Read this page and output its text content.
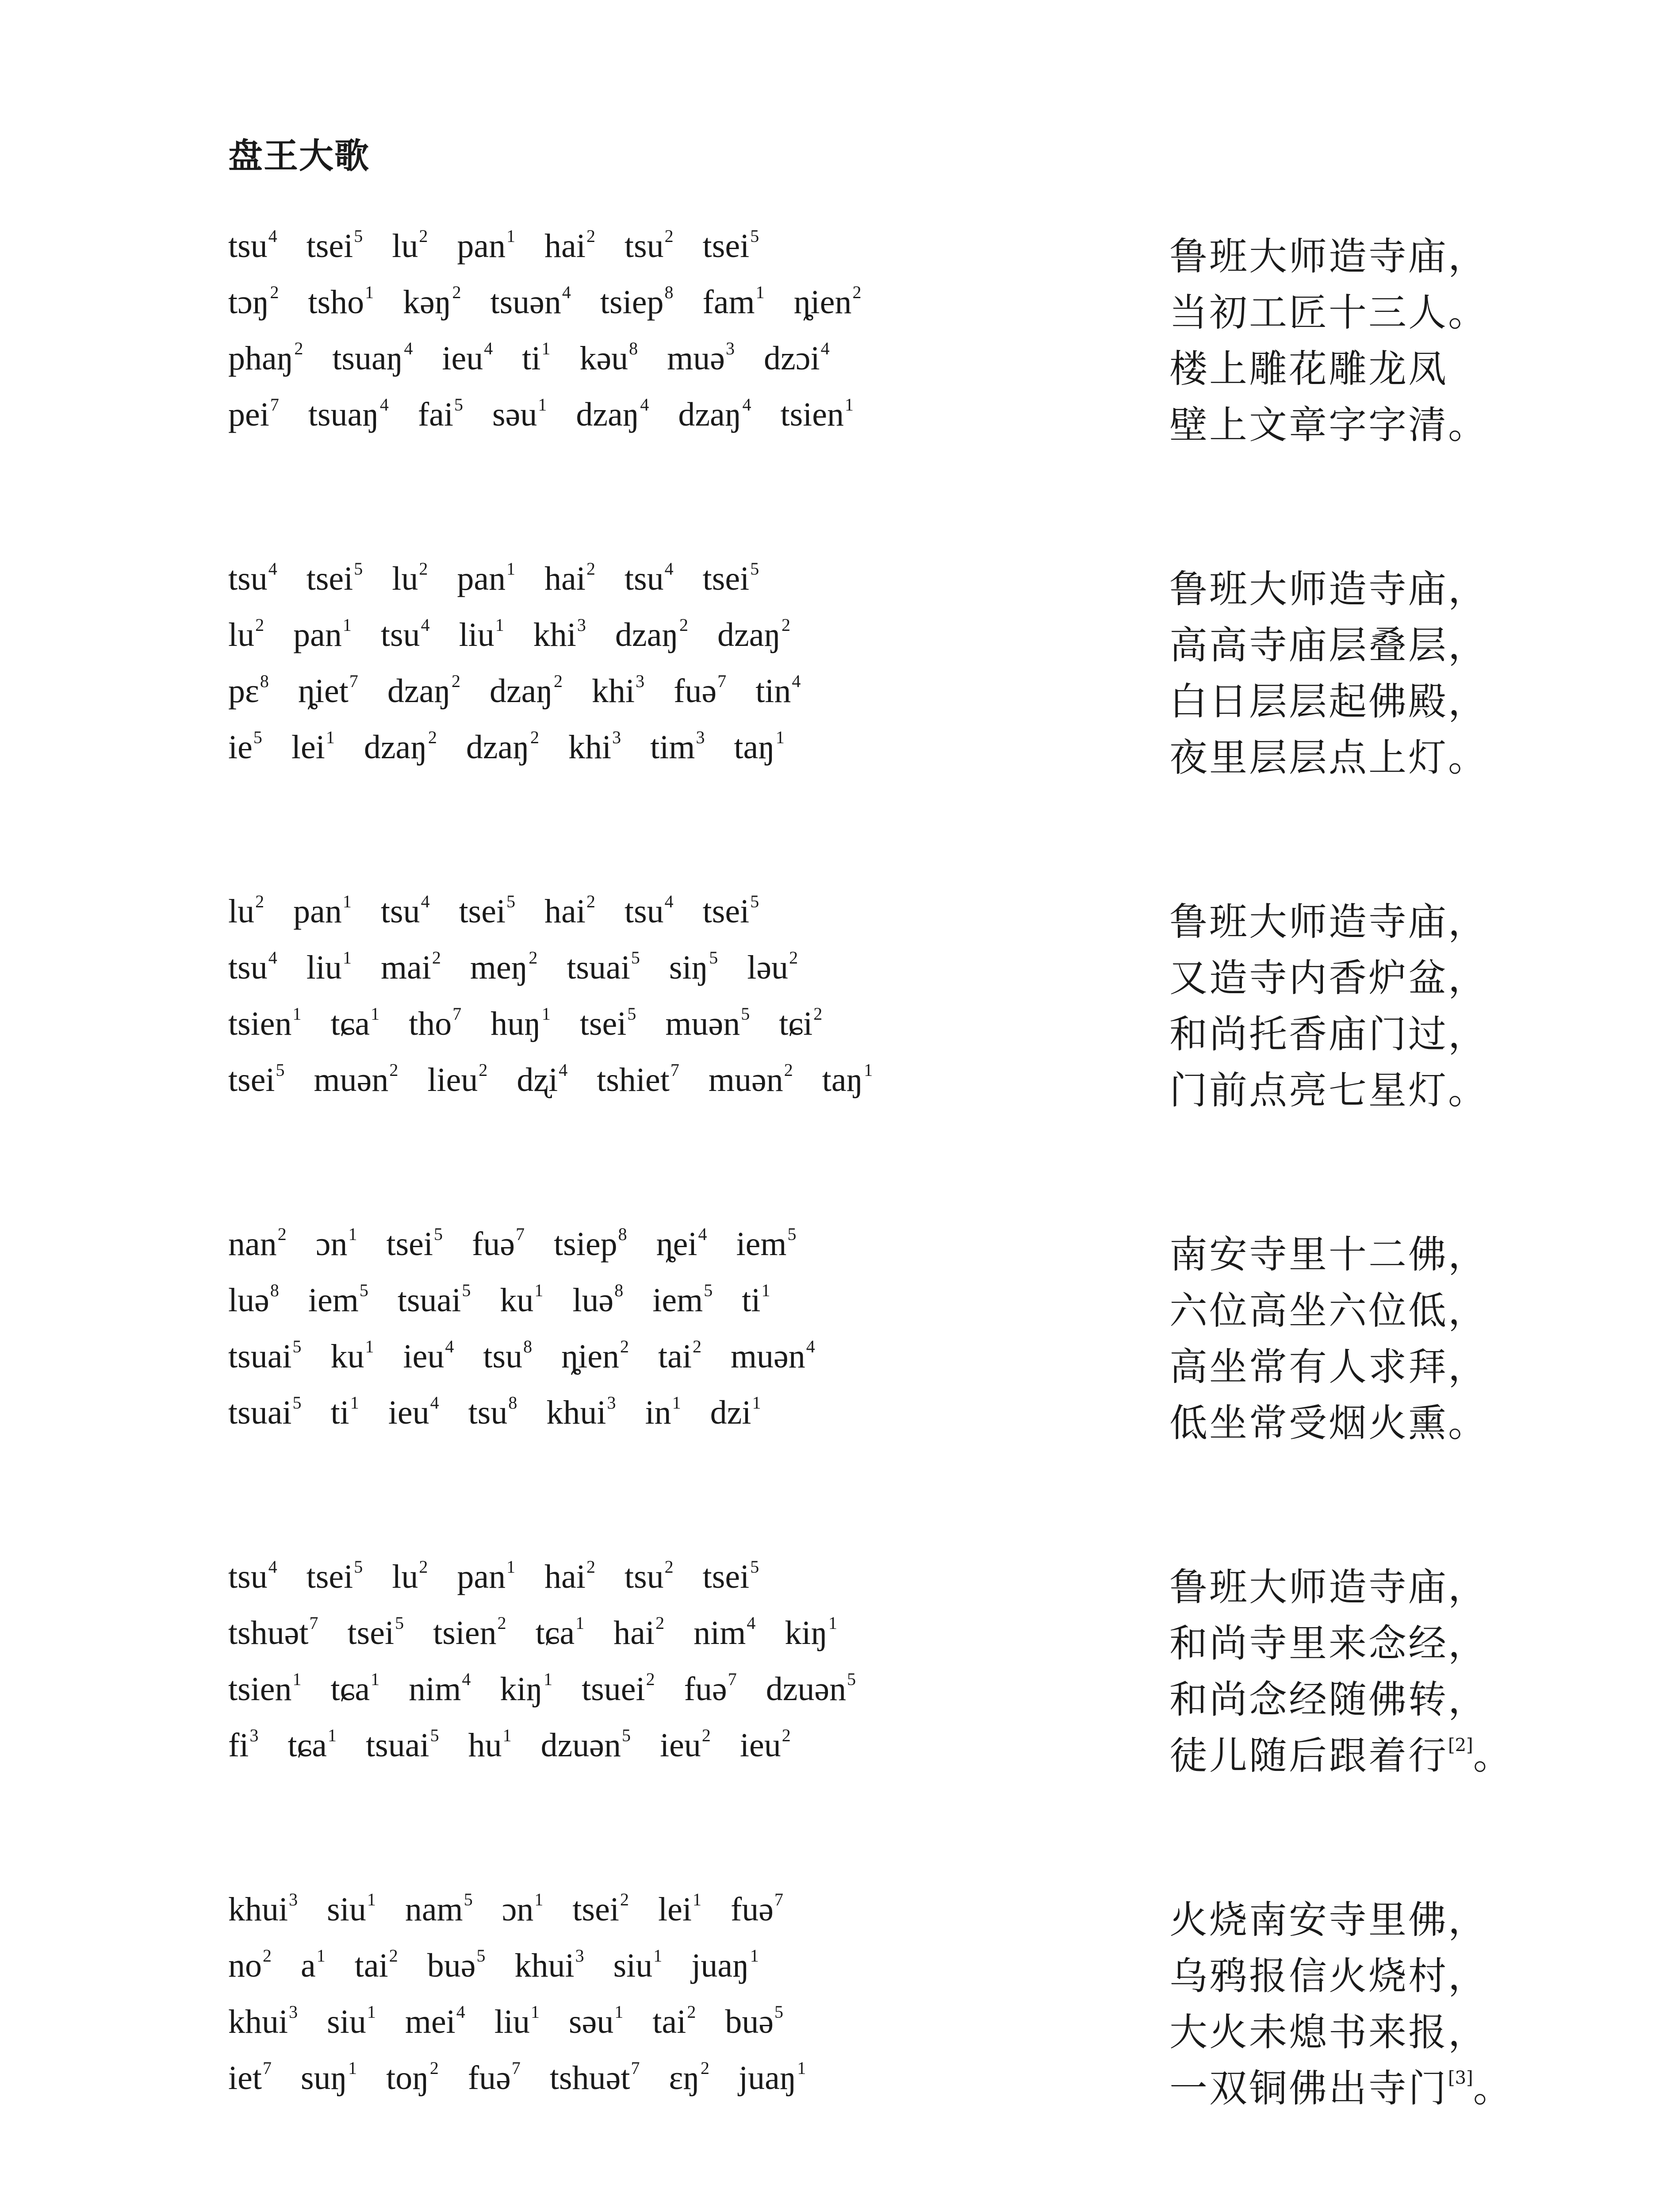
盘王大歌
tsu$^4$ tsei$^5$ $lu^2$ pan$^1$ hai$^2$ tsu$^2$ tsei$^5$	鲁班大师造寺庙，
tɔŋ$^2$ tsho$^1$ kəŋ$^2$ tsuən$^4$ tsiep$^8$ fam$^1$ ȵien$^2$	当初工匠十三人。
phaŋ$^2$ tsuaŋ$^4$ ieu$^4$ $ti^1$ kəu$^8$ muə$^3$ dzɔi$^4$	楼上雕花雕龙凤
pei$^7$ tsuaŋ$^4$ fai$^5$ səu$^1$ dzaŋ$^4$ dzaŋ$^4$ tsien$^1$	壁上文章字字清。
tsu$^4$ tsei$^5$ $lu^2$ pan$^1$ hai$^2$ tsu$^4$ tsei$^5$	鲁班大师造寺庙，
$lu^2$ pan$^1$ tsu$^4$ liu$^1$ khi$^3$ dzaŋ$^2$ dzaŋ$^2$	高高寺庙层叠层，
pɛ$^8$ ȵiet$^7$ dzaŋ$^2$ dzaŋ$^2$ khi$^3$ fuə$^7$ tin$^4$	白日层层起佛殿，
$ie^5$ lei$^1$ dzaŋ$^2$ dzaŋ$^2$ khi$^3$ tim$^3$ taŋ$^1$	夜里层层点上灯。
$lu^2$ pan$^1$ tsu$^4$ tsei$^5$ hai$^2$ tsu$^4$ tsei$^5$	鲁班大师造寺庙，
tsu$^4$ liu$^1$ mai$^2$ meŋ$^2$ tsuai$^5$ siŋ$^5$ ləu$^2$	又造寺内香炉盆，
tsien$^1$ tɕa$^1$ tho$^7$ huŋ$^1$ tsei$^5$ muən$^5$ tɕi$^2$	和尚托香庙门过，
tsei$^5$ muən$^2$ lieu$^2$ dʐi$^4$ tshiet$^7$ muən$^2$ taŋ$^1$	门前点亮七星灯。
nan$^2$ ɔn$^1$ tsei$^5$ fuə$^7$ tsiep$^8$ ȵei$^4$ iem$^5$	南安寺里十二佛，
luə$^8$ iem$^5$ tsuai$^5$ $ku^1$ luə$^8$ iem$^5$ $ti^1$	六位高坐六位低，
tsuai$^5$ $ku^1$ ieu$^4$ tsu$^8$ ȵien$^2$ tai$^2$ muən$^4$	高坐常有人求拜，
tsuai$^5$ $ti^1$ ieu$^4$ tsu$^8$ khui$^3$ $in^1$ dzi$^1$	低坐常受烟火熏。
tsu$^4$ tsei$^5$ $lu^2$ pan$^1$ hai$^2$ tsu$^2$ tsei$^5$	鲁班大师造寺庙，
tshuət$^7$ tsei$^5$ tsien$^2$ tɕa$^1$ hai$^2$ nim$^4$ kiŋ$^1$	和尚寺里来念经，
tsien$^1$ tɕa$^1$ nim$^4$ kiŋ$^1$ tsuei$^2$ fuə$^7$ dzuən$^5$	和尚念经随佛转，
$fi^3$ tɕa$^1$ tsuai$^5$ $hu^1$ dzuən$^5$ ieu$^2$ ieu$^2$	徒儿随后跟着行[2]。
khui$^3$ siu$^1$ nam$^5$ ɔn$^1$ tsei$^2$ lei$^1$ fuə$^7$	火烧南安寺里佛，
$no^2$ $a^1$ tai$^2$ buə$^5$ khui$^3$ siu$^1$ juaŋ$^1$	乌鸦报信火烧村，
khui$^3$ siu$^1$ mei$^4$ liu$^1$ səu$^1$ tai$^2$ buə$^5$	大火未熄书来报，
iet$^7$ suŋ$^1$ toŋ$^2$ fuə$^7$ tshuət$^7$ ɛŋ$^2$ juaŋ$^1$	一双铜佛出寺门[3]。
